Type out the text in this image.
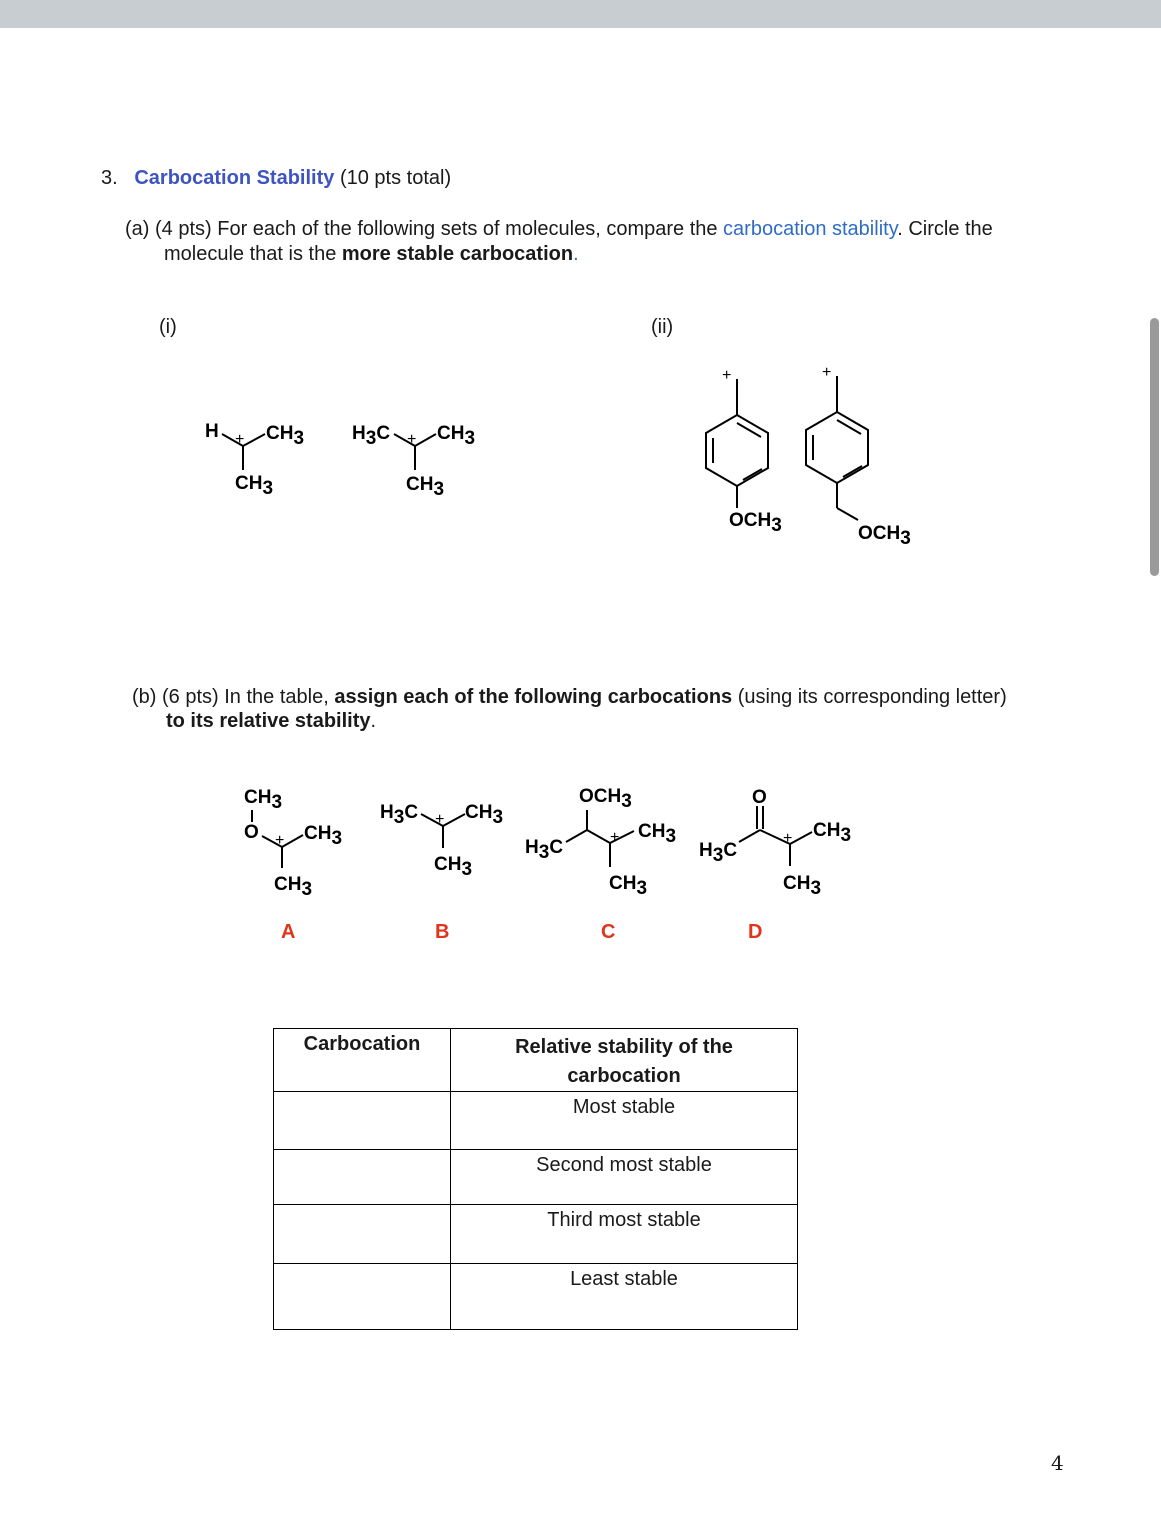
3. Carbocation Stability (10 pts total)
(a) (4 pts) For each of the following sets of molecules, compare the carbocation stability. Circle the
molecule that is the more stable carbocation.
(i)	(ii)
(b) (6 pts) In the table, assign each of the following carbocations (using its corresponding letter)
to its relative stability.
H + CH3
CH3
H3C + CH3
CH3
+
OCH3
+
OCH3
CH3
O + CH3
CH3
H3C + CH3
CH3
OCH3
+
H3C
CH3
CH3
O
+
H3C
CH3
CH3
A	B	C	D
Carbocation	Relative stability of the carbocation

	Most stable

	Second most stable

	Third most stable

	Least stable
4
